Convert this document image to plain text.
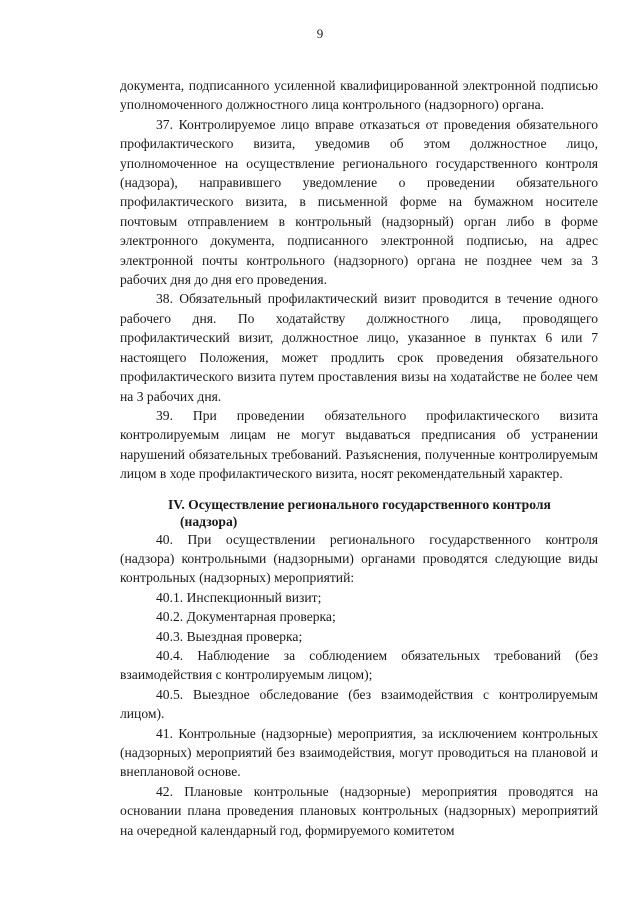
9

документа, подписанного усиленной квалифицированной электронной подписью уполномоченного должностного лица контрольного (надзорного) органа.

37. Контролируемое лицо вправе отказаться от проведения обязательного профилактического визита, уведомив об этом должностное лицо, уполномоченное на осуществление регионального государственного контроля (надзора), направившего уведомление о проведении обязательного профилактического визита, в письменной форме на бумажном носителе почтовым отправлением в контрольный (надзорный) орган либо в форме электронного документа, подписанного электронной подписью, на адрес электронной почты контрольного (надзорного) органа не позднее чем за 3 рабочих дня до дня его проведения.

38. Обязательный профилактический визит проводится в течение одного рабочего дня. По ходатайству должностного лица, проводящего профилактический визит, должностное лицо, указанное в пунктах 6 или 7 настоящего Положения, может продлить срок проведения обязательного профилактического визита путем проставления визы на ходатайстве не более чем на 3 рабочих дня.

39. При проведении обязательного профилактического визита контролируемым лицам не могут выдаваться предписания об устранении нарушений обязательных требований. Разъяснения, полученные контролируемым лицом в ходе профилактического визита, носят рекомендательный характер.

IV. Осуществление регионального государственного контроля
(надзора)

40. При осуществлении регионального государственного контроля (надзора) контрольными (надзорными) органами проводятся следующие виды контрольных (надзорных) мероприятий:

40.1. Инспекционный визит;

40.2. Документарная проверка;

40.3. Выездная проверка;

40.4. Наблюдение за соблюдением обязательных требований (без взаимодействия с контролируемым лицом);

40.5. Выездное обследование (без взаимодействия с контролируемым лицом).

41. Контрольные (надзорные) мероприятия, за исключением контрольных (надзорных) мероприятий без взаимодействия, могут проводиться на плановой и внеплановой основе.

42. Плановые контрольные (надзорные) мероприятия проводятся на основании плана проведения плановых контрольных (надзорных) мероприятий на очередной календарный год, формируемого комитетом
